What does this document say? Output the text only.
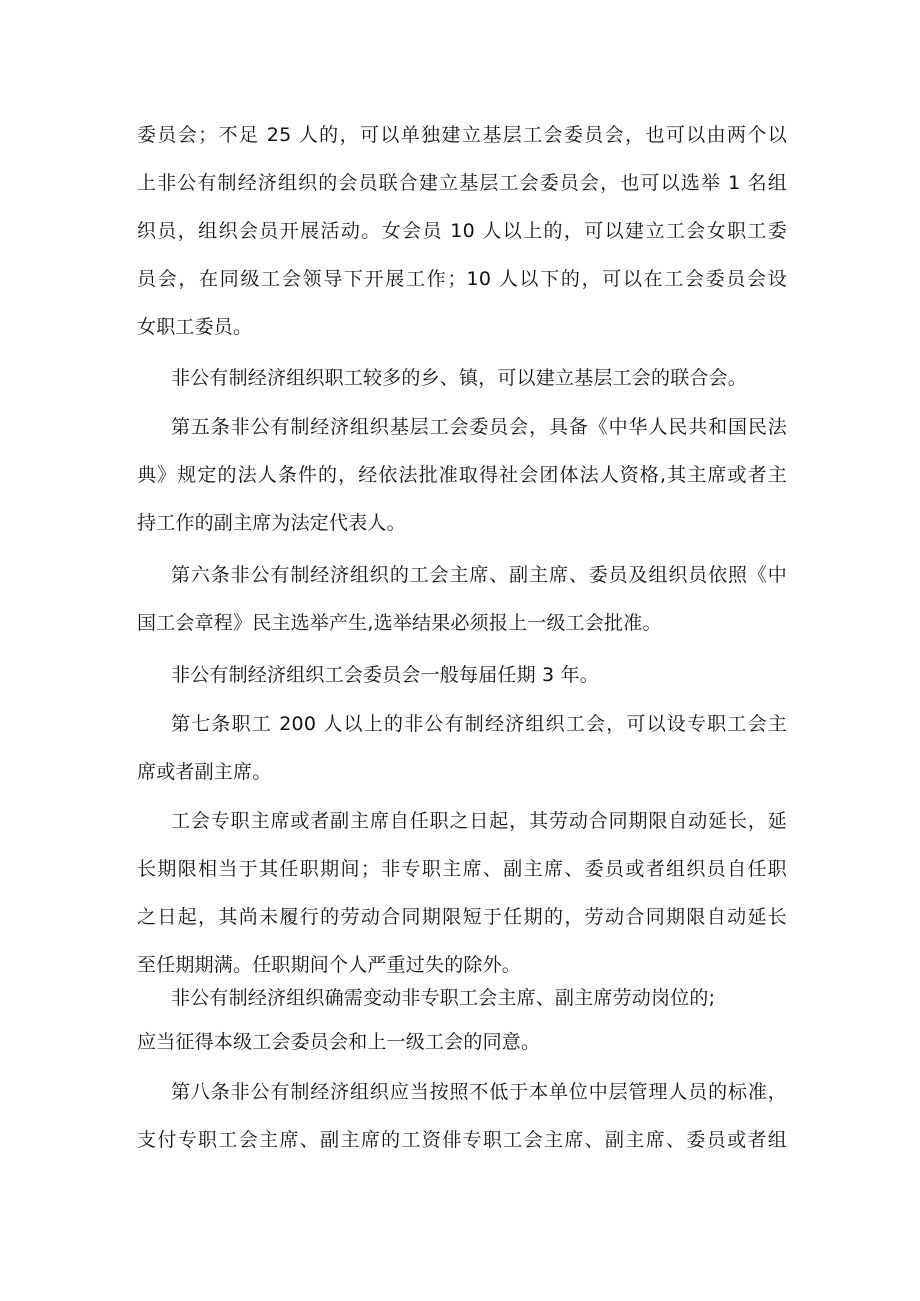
委员会；不足 25 人的，可以单独建立基层工会委员会，也可以由两个以
上非公有制经济组织的会员联合建立基层工会委员会，也可以选举 1 名组
织员，组织会员开展活动。女会员 10 人以上的，可以建立工会女职工委
员会，在同级工会领导下开展工作；10 人以下的，可以在工会委员会设
女职工委员。
非公有制经济组织职工较多的乡、镇，可以建立基层工会的联合会。
第五条非公有制经济组织基层工会委员会，具备《中华人民共和国民法
典》规定的法人条件的，经依法批准取得社会团体法人资格,其主席或者主
持工作的副主席为法定代表人。
第六条非公有制经济组织的工会主席、副主席、委员及组织员依照《中
国工会章程》民主选举产生,选举结果必须报上一级工会批准。
非公有制经济组织工会委员会一般每届任期 3 年。
第七条职工 200 人以上的非公有制经济组织工会，可以设专职工会主
席或者副主席。
工会专职主席或者副主席自任职之日起，其劳动合同期限自动延长，延
长期限相当于其任职期间；非专职主席、副主席、委员或者组织员自任职
之日起，其尚未履行的劳动合同期限短于任期的，劳动合同期限自动延长
至任期期满。任职期间个人严重过失的除外。
非公有制经济组织确需变动非专职工会主席、副主席劳动岗位的;
应当征得本级工会委员会和上一级工会的同意。
第八条非公有制经济组织应当按照不低于本单位中层管理人员的标准，
支付专职工会主席、副主席的工资俳专职工会主席、副主席、委员或者组
